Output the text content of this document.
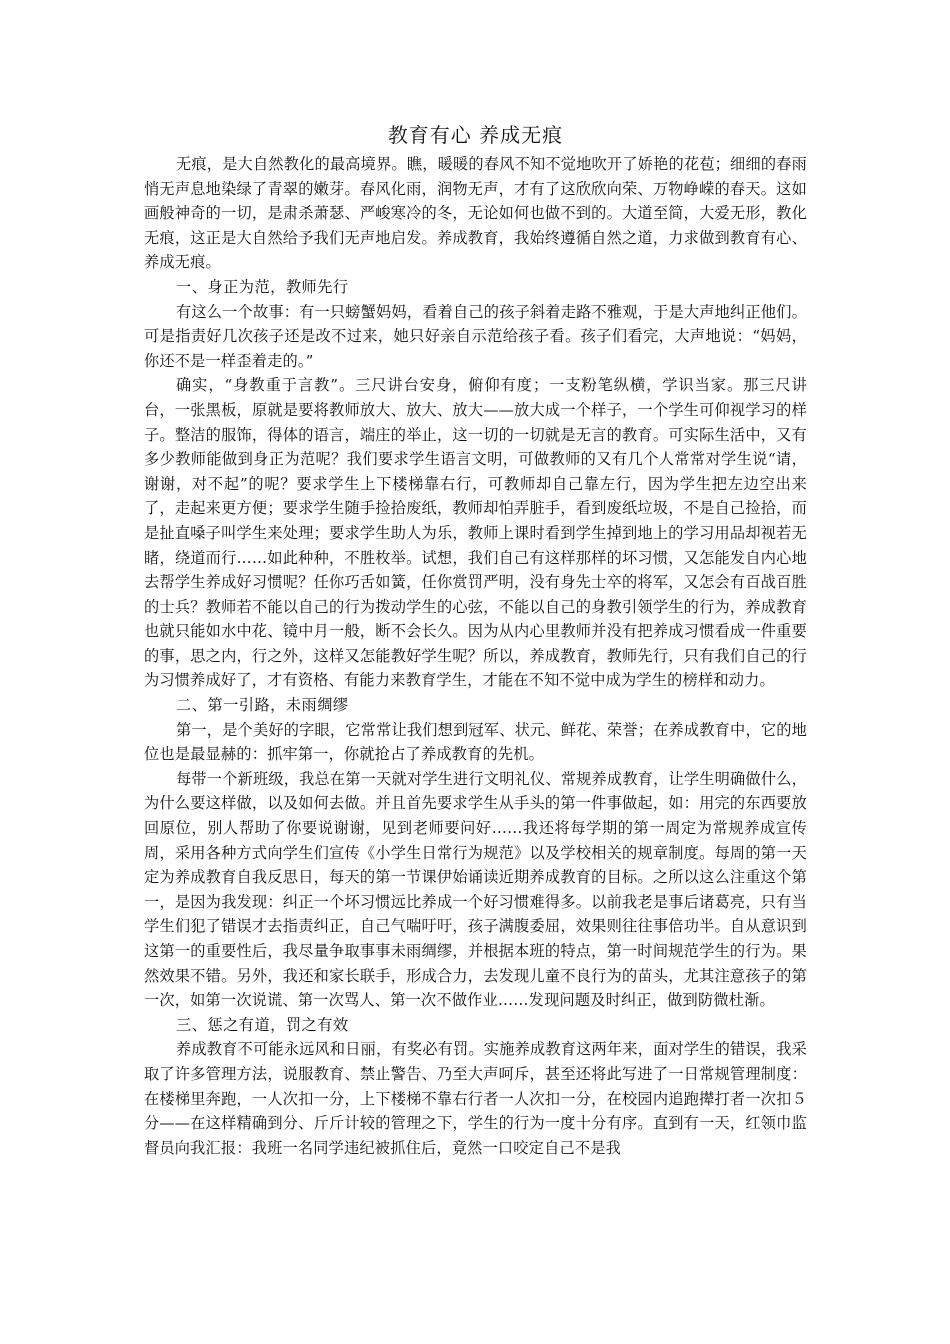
教育有心 养成无痕

无痕，是大自然教化的最高境界。瞧，暖暖的春风不知不觉地吹开了娇艳的花苞；细细的春雨悄无声息地染绿了青翠的嫩芽。春风化雨，润物无声，才有了这欣欣向荣、万物峥嵘的春天。这如画般神奇的一切，是肃杀萧瑟、严峻寒冷的冬，无论如何也做不到的。大道至简，大爱无形，教化无痕，这正是大自然给予我们无声地启发。养成教育，我始终遵循自然之道，力求做到教育有心、养成无痕。

一、身正为范，教师先行

有这么一个故事：有一只螃蟹妈妈，看着自己的孩子斜着走路不雅观，于是大声地纠正他们。可是指责好几次孩子还是改不过来，她只好亲自示范给孩子看。孩子们看完，大声地说：“妈妈，你还不是一样歪着走的。”

确实，“身教重于言教”。三尺讲台安身，俯仰有度；一支粉笔纵横，学识当家。那三尺讲台，一张黑板，原就是要将教师放大、放大、放大——放大成一个样子，一个学生可仰视学习的样子。整洁的服饰，得体的语言，端庄的举止，这一切的一切就是无言的教育。可实际生活中，又有多少教师能做到身正为范呢？我们要求学生语言文明，可做教师的又有几个人常常对学生说“请，谢谢，对不起”的呢？要求学生上下楼梯靠右行，可教师却自己靠左行，因为学生把左边空出来了，走起来更方便；要求学生随手捡拾废纸，教师却怕弄脏手，看到废纸垃圾，不是自己捡拾，而是扯直嗓子叫学生来处理；要求学生助人为乐，教师上课时看到学生掉到地上的学习用品却视若无睹，绕道而行……如此种种，不胜枚举。试想，我们自己有这样那样的坏习惯，又怎能发自内心地去帮学生养成好习惯呢？任你巧舌如簧，任你赏罚严明，没有身先士卒的将军，又怎会有百战百胜的士兵？教师若不能以自己的行为拨动学生的心弦，不能以自己的身教引领学生的行为，养成教育也就只能如水中花、镜中月一般，断不会长久。因为从内心里教师并没有把养成习惯看成一件重要的事，思之内，行之外，这样又怎能教好学生呢？所以，养成教育，教师先行，只有我们自己的行为习惯养成好了，才有资格、有能力来教育学生，才能在不知不觉中成为学生的榜样和动力。

二、第一引路，未雨绸缪

第一，是个美好的字眼，它常常让我们想到冠军、状元、鲜花、荣誉；在养成教育中，它的地位也是最显赫的：抓牢第一，你就抢占了养成教育的先机。

每带一个新班级，我总在第一天就对学生进行文明礼仪、常规养成教育，让学生明确做什么，为什么要这样做，以及如何去做。并且首先要求学生从手头的第一件事做起，如：用完的东西要放回原位，别人帮助了你要说谢谢，见到老师要问好……我还将每学期的第一周定为常规养成宣传周，采用各种方式向学生们宣传《小学生日常行为规范》以及学校相关的规章制度。每周的第一天定为养成教育自我反思日，每天的第一节课伊始诵读近期养成教育的目标。之所以这么注重这个第一，是因为我发现：纠正一个坏习惯远比养成一个好习惯难得多。以前我老是事后诸葛亮，只有当学生们犯了错误才去指责纠正，自己气喘吁吁，孩子满腹委屈，效果则往往事倍功半。自从意识到这第一的重要性后，我尽量争取事事未雨绸缪，并根据本班的特点，第一时间规范学生的行为。果然效果不错。另外，我还和家长联手，形成合力，去发现儿童不良行为的苗头，尤其注意孩子的第一次，如第一次说谎、第一次骂人、第一次不做作业……发现问题及时纠正，做到防微杜渐。

三、惩之有道，罚之有效

养成教育不可能永远风和日丽，有奖必有罚。实施养成教育这两年来，面对学生的错误，我采取了许多管理方法，说服教育、禁止警告、乃至大声呵斥，甚至还将此写进了一日常规管理制度：在楼梯里奔跑，一人次扣一分，上下楼梯不靠右行者一人次扣一分，在校园内追跑撵打者一次扣５分——在这样精确到分、斤斤计较的管理之下，学生的行为一度十分有序。直到有一天，红领巾监督员向我汇报：我班一名同学违纪被抓住后，竟然一口咬定自己不是我
